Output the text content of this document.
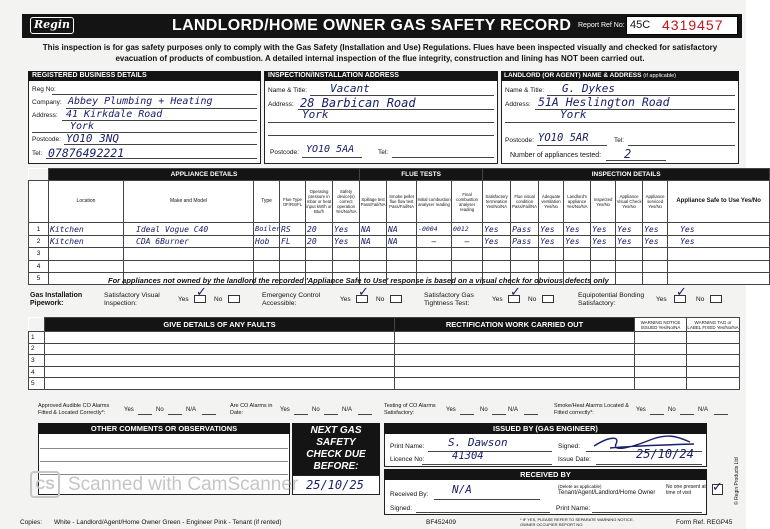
Regin	LANDLORD/HOME OWNER GAS SAFETY RECORD Report Ref No: 45C 4319457
This inspection is for gas safety purposes only to comply with the Gas Safety (Installation and Use) Regulations. Flues have been inspected visually and checked for satisfactory evacuation of products of combustion. A detailed internal inspection of the flue integrity, construction and lining has NOT been carried out.
REGISTERED BUSINESS DETAILS
Reg No:
Company: Abbey Plumbing + Heating
Address: 41 Kirkdale Road
York
Postcode: YO10 3NQ
Tel: 07876492221
INSPECTION/INSTALLATION ADDRESS
Name & Title: Vacant
Address: 28 Barbican Road
York
Postcode: YO10 5AA	Tel:
LANDLORD (OR AGENT) NAME & ADDRESS (if applicable)
Name & Title: G. Dykes
Address: 51A Heslington Road
York
Postcode: YO10 5AR	Tel:
Number of appliances tested: 2
	APPLIANCE DETAILS						FLUE TESTS				INSPECTION DETAILS							
	Location	Make and Model	Type	Flue Type OF/RS/FL	Operating pressure in mbar or heat input kW/h or Btu/h	Safety device(s) correct operation Yes/No/NA	Spillage test Pass/Fail/NA	Smoke pellet flue flow test Pass/Fail/NA	Initial combustion analyser reading	Final combustion analyser reading	Satisfactory termination Yes/No/NA	Flue visual condition Pass/Fail/NA	Adequate ventilation Yes/No	Landlord's appliance Yes/No/NA	Inspected Yes/No	Appliance Visual Check Yes/No	Appliance serviced Yes/No	Appliance Safe to Use Yes/No
1	Kitchen	Ideal Vogue C40	Boiler	RS	20	Yes	NA	NA	-0004	0012	Yes	Pass	Yes	Yes	Yes	Yes	Yes	Yes
2	Kitchen	CDA 6Burner	Hob	FL	20	Yes	NA	NA	—	—	Yes	Pass	Yes	Yes	Yes	Yes	Yes	Yes
3																		
4																		
5																			For appliances not owned by the landlord the recorded 'Appliance Safe to Use' response is based on a visual check for obvious defects only
Gas Installation Pipework:
Satisfactory Visual Inspection:
Yes ✓ No
Emergency Control Accessible:
Yes ✓ No
Satisfactory Gas Tightness Test:
Yes ✓ No
Equipotential Bonding Satisfactory:
Yes ✓ No
	GIVE DETAILS OF ANY FAULTS	RECTIFICATION WORK CARRIED OUT	WARNING NOTICE ISSUED Yes/No/NA	WARNING TAG or LABEL FIXED Yes/No/NA
1				
2				
3				
4				
5				
Approved Audible CO Alarms Fitted & Located Correctly*:	Yes	No	N/A
Are CO Alarms in Date:	Yes	No	N/A
Testing of CO Alarms Satisfactory:	Yes	No	N/A
Smoke/Heat Alarms Located & Fitted correctly*:	Yes	No	N/A
OTHER COMMENTS OR OBSERVATIONS	NEXT GAS
SAFETY
CHECK DUE
BEFORE:
25/10/25
ISSUED BY (GAS ENGINEER)
Print Name: S. Dawson
Licence No:	41304
Signed:
Issue Date:	25/10/24
RECEIVED BY
Received By: N/A	(Delete as applicable)
Tenant/Agent/Landlord/Home Owner
No one present at time of visit	✓
Signed:	Print Name:
CS Scanned with CamScanner	© Regin Products Ltd
Copies: White - Landlord/Agent/Home Owner Green - Engineer Pink - Tenant (if rented)	BF452409	* IF YES, PLEASE REFER TO SEPARATE WARNING NOTICE, OWNER OCCUPIER REPORT NO.	Form Ref. REGP45
